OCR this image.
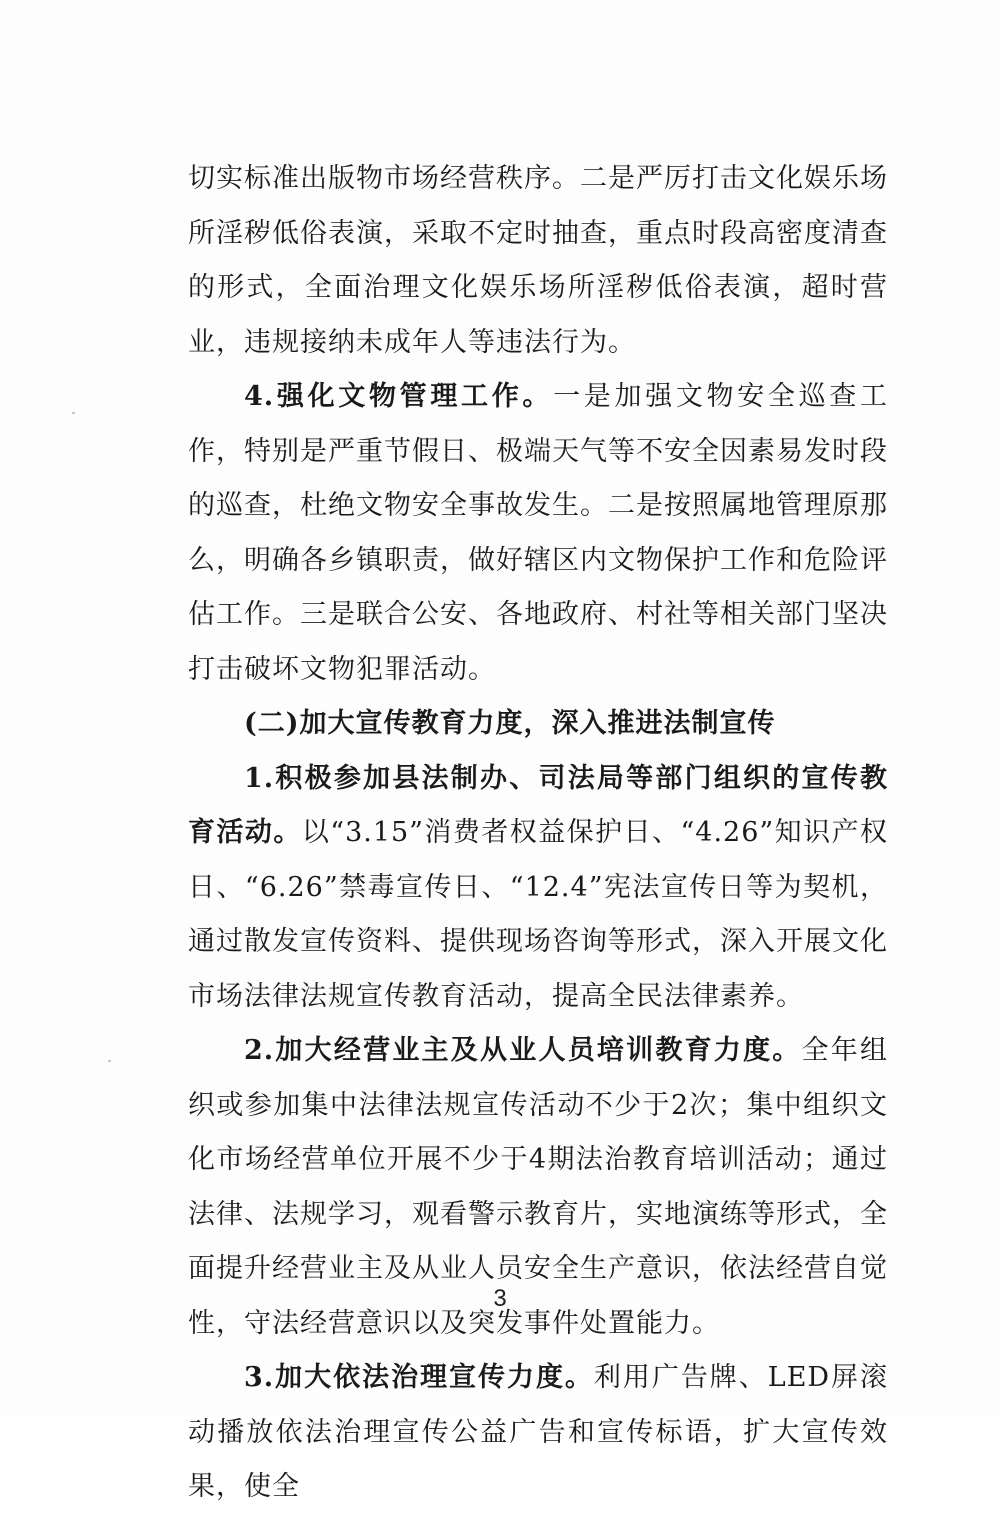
切实标准出版物市场经营秩序。二是严厉打击文化娱乐场所淫秽低俗表演，采取不定时抽查，重点时段高密度清查的形式，全面治理文化娱乐场所淫秽低俗表演，超时营业，违规接纳未成年人等违法行为。

4.强化文物管理工作。一是加强文物安全巡查工作，特别是严重节假日、极端天气等不安全因素易发时段的巡查，杜绝文物安全事故发生。二是按照属地管理原那么，明确各乡镇职责，做好辖区内文物保护工作和危险评估工作。三是联合公安、各地政府、村社等相关部门坚决打击破坏文物犯罪活动。

(二)加大宣传教育力度，深入推进法制宣传

1.积极参加县法制办、司法局等部门组织的宣传教育活动。以“3.15”消费者权益保护日、“4.26”知识产权日、“6.26”禁毒宣传日、“12.4”宪法宣传日等为契机，通过散发宣传资料、提供现场咨询等形式，深入开展文化市场法律法规宣传教育活动，提高全民法律素养。

2.加大经营业主及从业人员培训教育力度。全年组织或参加集中法律法规宣传活动不少于2次；集中组织文化市场经营单位开展不少于4期法治教育培训活动；通过法律、法规学习，观看警示教育片，实地演练等形式，全面提升经营业主及从业人员安全生产意识，依法经营自觉性，守法经营意识以及突发事件处置能力。

3.加大依法治理宣传力度。利用广告牌、LED屏滚动播放依法治理宣传公益广告和宣传标语，扩大宣传效果，使全

3
